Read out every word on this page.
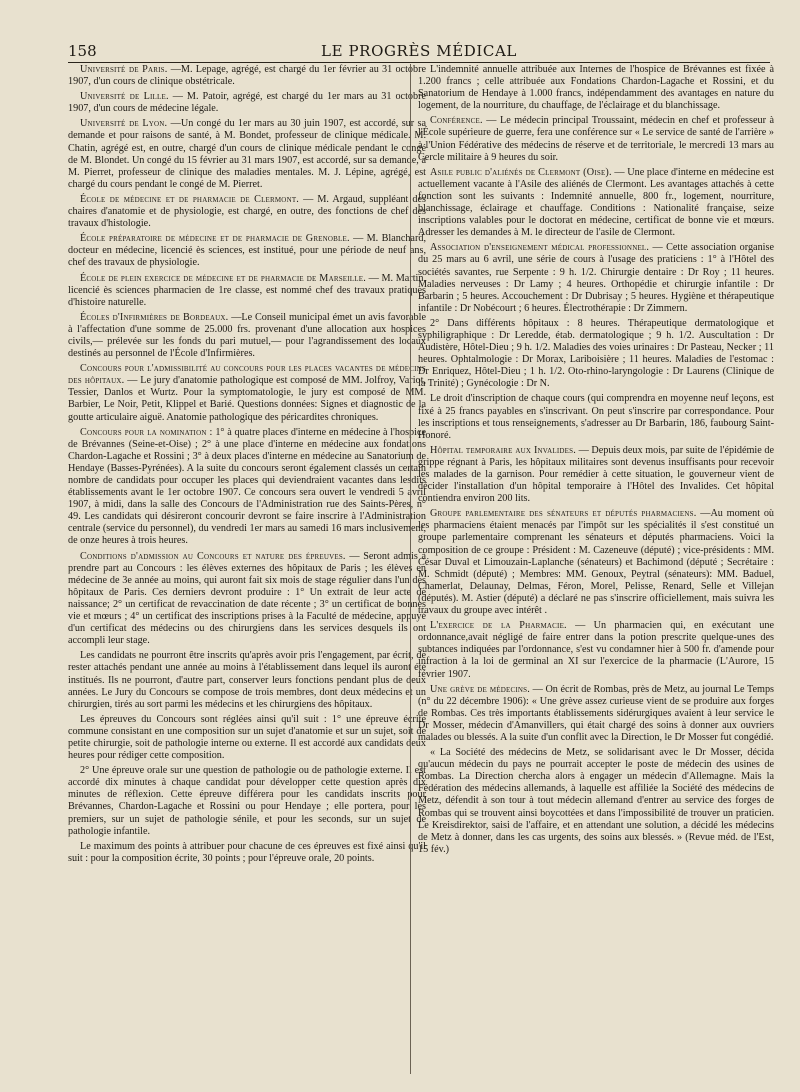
158	LE PROGRÈS MÉDICAL

Université de Paris. —M. Lepage, agrégé, est chargé du 1er février au 31 octobre 1907, d'un cours de clinique obstétricale.

Université de Lille. — M. Patoir, agrégé, est chargé du 1er mars au 31 octobre 1907, d'un cours de médecine légale.

Université de Lyon. —Un congé du 1er mars au 30 juin 1907, est accordé, sur sa demande et pour raisons de santé, à M. Bondet, professeur de clinique médicale. M. Chatin, agrégé est, en outre, chargé d'un cours de clinique médicale pendant le congé de M. Blondet. Un congé du 15 février au 31 mars 1907, est accordé, sur sa demande, à M. Pierret, professeur de clinique des maladies mentales. M. J. Lépine, agrégé, est chargé du cours pendant le congé de M. Pierret.

École de médecine et de pharmacie de Clermont. — M. Argaud, suppléant des chaires d'anatomie et de physiologie, est chargé, en outre, des fonctions de chef des travaux d'histologie.

École préparatoire de médecine et de pharmacie de Grenoble. — M. Blanchard, docteur en médecine, licencié ès sciences, est institué, pour une période de neuf ans, chef des travaux de physiologie.

École de plein exercice de médecine et de pharmacie de Marseille. — M. Martin, licencié ès sciences pharmacien de 1re classe, est nommé chef des travaux pratiques d'histoire naturelle.

Écoles d'Infirmières de Bordeaux. —Le Conseil municipal émet un avis favorable à l'affectation d'une somme de 25.000 frs. provenant d'une allocation aux hospices civils,— prélevée sur les fonds du pari mutuel,— pour l'agrandissement des locaux destinés au personnel de l'École d'Infirmières.

Concours pour l'admissibilité au concours pour les places vacantes de médecins des hôpitaux. — Le jury d'anatomie pathologique est composé de MM. Jolfroy, Variot, Tessier, Danlos et Wurtz. Pour la symptomatologie, le jury est composé de MM. Barbier, Le Noir, Petit, Klippel et Barié. Questions données: Signes et diagnostic de la goutte articulaire aiguë. Anatomie pathologique des péricardites chroniques.

Concours pour la nomination : 1° à quatre places d'interne en médecine à l'hospice de Brévannes (Seine-et-Oise) ; 2° à une place d'interne en médecine aux fondations Chardon-Lagache et Rossini ; 3° à deux places d'interne en médecine au Sanatorium de Hendaye (Basses-Pyrénées). A la suite du concours seront également classés un certain nombre de candidats pour occuper les places qui deviendraient vacantes dans lesdits établissements avant le 1er octobre 1907. Ce concours sera ouvert le vendredi 5 avril 1907, à midi, dans la salle des Concours de l'Administration rue des Saints-Pères, n° 49. Les candidats qui désireront concourir devront se faire inscrire à l'Administration centrale (service du personnel), du vendredi 1er mars au samedi 16 mars inclusivement, de onze heures à trois heures.

Conditions d'admission au Concours et nature des épreuves. — Seront admis à prendre part au Concours : les élèves externes des hôpitaux de Paris ; les élèves en médecine de 3e année au moins, qui auront fait six mois de stage régulier dans l'un des hôpitaux de Paris. Ces derniers devront produire : 1° Un extrait de leur acte de naissance; 2° un certificat de revaccination de date récente ; 3° un certificat de bonnes vie et mœurs ; 4° un certificat des inscriptions prises à la Faculté de médecine, appuyé d'un certificat des médecins ou des chirurgiens dans les services desquels ils ont accompli leur stage.

Les candidats ne pourront être inscrits qu'après avoir pris l'engagement, par écrit, de rester attachés pendant une année au moins à l'établissement dans lequel ils auront été institués. Ils ne pourront, d'autre part, conserver leurs fonctions pendant plus de deux années. Le Jury du Concours se compose de trois membres, dont deux médecins et un chirurgien, tirés au sort parmi les médecins et les chirurgiens des hôpitaux.

Les épreuves du Concours sont réglées ainsi qu'il suit : 1° une épreuve écrite commune consistant en une composition sur un sujet d'anatomie et sur un sujet, soit de petite chirurgie, soit de pathologie interne ou externe. Il est accordé aux candidats deux heures pour rédiger cette composition.

2° Une épreuve orale sur une question de pathologie ou de pathologie externe. Il est accordé dix minutes à chaque candidat pour développer cette question après dix minutes de réflexion. Cette épreuve différera pour les candidats inscrits pour Brévannes, Chardon-Lagache et Rossini ou pour Hendaye ; elle portera, pour les premiers, sur un sujet de pathologie sénile, et pour les seconds, sur un sujet de pathologie infantile.

Le maximum des points à attribuer pour chacune de ces épreuves est fixé ainsi qu'il suit : pour la composition écrite, 30 points ; pour l'épreuve orale, 20 points.

L'indemnité annuelle attribuée aux Internes de l'hospice de Brévannes est fixée à 1.200 francs ; celle attribuée aux Fondations Chardon-Lagache et Rossini, et du Sanatorium de Hendaye à 1.000 francs, indépendamment des avantages en nature du logement, de la nourriture, du chauffage, de l'éclairage et du blanchissage.

Conférence. — Le médecin principal Troussaint, médecin en chef et professeur à l'École supérieure de guerre, fera une conférence sur « Le service de santé de l'arrière » à l'Union Fédérative des médecins de réserve et de territoriale, le mercredi 13 mars au Cercle militaire à 9 heures du soir.

Asile public d'aliénés de Clermont (Oise). — Une place d'interne en médecine est actuellement vacante à l'Asile des aliénés de Clermont. Les avantages attachés à cette fonction sont les suivants : Indemnité annuelle, 800 fr., logement, nourriture, blanchissage, éclairage et chauffage. Conditions : Nationalité française, seize inscriptions valables pour le doctorat en médecine, certificat de bonne vie et mœurs. Adresser les demandes à M. le directeur de l'asile de Clermont.

Association d'enseignement médical professionnel. — Cette association organise du 25 mars au 6 avril, une série de cours à l'usage des praticiens : 1° à l'Hôtel des sociétés savantes, rue Serpente : 9 h. 1/2. Chirurgie dentaire : Dr Roy ; 11 heures. Maladies nerveuses : Dr Lamy ; 4 heures. Orthopédie et chirurgie infantile : Dr Barbarin ; 5 heures. Accouchement : Dr Dubrisay ; 5 heures. Hygiène et thérapeutique infantile : Dr Nobécourt ; 6 heures. Électrothérapie : Dr Zimmern.

2° Dans différents hôpitaux : 8 heures. Thérapeutique dermatologique et syphiligraphique : Dr Leredde, étab. dermatologique ; 9 h. 1/2. Auscultation : Dr Audistère, Hôtel-Dieu ; 9 h. 1/2. Maladies des voies urinaires : Dr Pasteau, Necker ; 11 heures. Ophtalmologie : Dr Morax, Lariboisière ; 11 heures. Maladies de l'estomac : Dr Enriquez, Hôtel-Dieu ; 1 h. 1/2. Oto-rhino-laryngologie : Dr Laurens (Clinique de la Trinité) ; Gynécologie : Dr N.

Le droit d'inscription de chaque cours (qui comprendra en moyenne neuf leçons, est fixé à 25 francs payables en s'inscrivant. On peut s'inscrire par correspondance. Pour les inscriptions et tous renseignements, s'adresser au Dr Barbarin, 186, faubourg Saint-Honoré.

Hôpital temporaire aux Invalides. — Depuis deux mois, par suite de l'épidémie de grippe régnant à Paris, les hôpitaux militaires sont devenus insuffisants pour recevoir les malades de la garnison. Pour remédier à cette situation, le gouverneur vient de décider l'installation d'un hôpital temporaire à l'Hôtel des Invalides. Cet hôpital contiendra environ 200 lits.

Groupe parlementaire des sénateurs et députés pharmaciens. —Au moment où les pharmaciens étaient menacés par l'impôt sur les spécialités il s'est constitué un groupe parlementaire comprenant les sénateurs et députés pharmaciens. Voici la composition de ce groupe : Président : M. Cazeneuve (député) ; vice-présidents : MM. César Duval et Limouzain-Laplanche (sénateurs) et Bachimond (député ; Secrétaire : M. Schmidt (député) ; Membres: MM. Genoux, Peytral (sénateurs): MM. Baduel, Chamerlat, Delaunay, Delmas, Féron, Morel, Pelisse, Renard, Selle et Villejan (députés). M. Astier (député) a déclaré ne pas s'inscrire officiellement, mais suivra les travaux du groupe avec intérêt .

L'exercice de la Pharmacie. — Un pharmacien qui, en exécutant une ordonnance,avait négligé de faire entrer dans la potion prescrite quelque-unes des subtances indiquées par l'ordonnance, s'est vu condamner hier à 500 fr. d'amende pour infraction à la loi de germinal an XI sur l'exercice de la pharmacie (L'Aurore, 15 février 1907.

Une grève de médecins. — On écrit de Rombas, près de Metz, au journal Le Temps (n° du 22 décembre 1906): « Une grève assez curieuse vient de se produire aux forges de Rombas. Ces très importants établissements sidérurgiques avaient à leur service le Dr Mosser, médecin d'Amanvillers, qui était chargé des soins à donner aux ouvriers malades ou blessés. A la suite d'un conflit avec la Direction, le Dr Mosser fut congédié.

« La Société des médecins de Metz, se solidarisant avec le Dr Mosser, décida qu'aucun médecin du pays ne pourrait accepter le poste de médecin des usines de Rombas. La Direction chercha alors à engager un médecin d'Allemagne. Mais la Fédération des médecins allemands, à laquelle est affiliée la Société des médecins de Metz, défendit à son tour à tout médecin allemand d'entrer au service des forges de Rombas qui se trouvent ainsi boycottées et dans l'impossibilité de trouver un praticien. Le Kreisdirektor, saisi de l'affaire, et en attendant une solution, a décidé les médecins de Metz à donner, dans les cas urgents, des soins aux blessés. » (Revue méd. de l'Est, 15 fév.)
